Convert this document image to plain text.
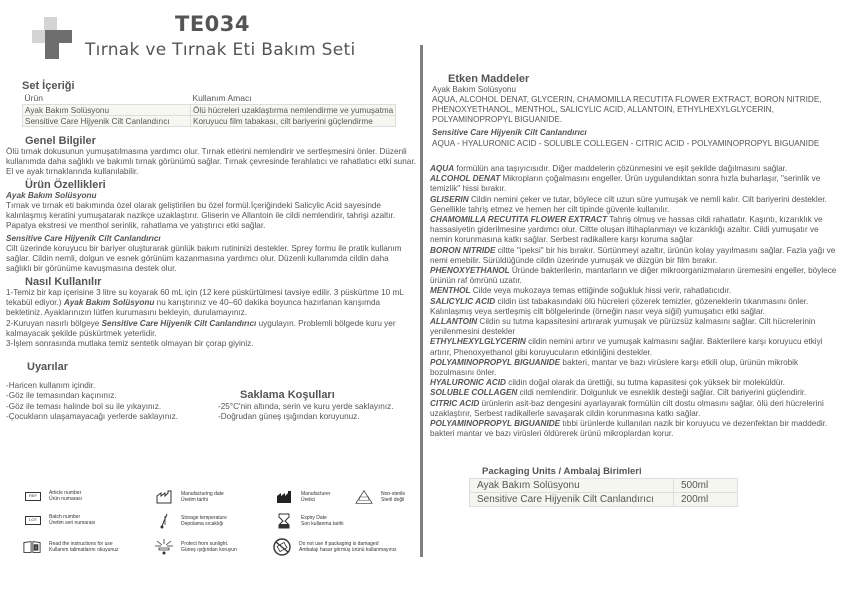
TE034
Tırnak ve Tırnak Eti Bakım Seti
Set İçeriği
Ürün	Kullanım Amacı
Ayak Bakım Solüsyonu	Ölü hücreleri uzaklaştırma nemlendirme ve yumuşatma
Sensitive Care Hijyenik Cilt Canlandırıcı	Koruyucu film tabakası, cilt bariyerini güçlendirme
Genel Bilgiler
Ölü tırnak dokusunun yumuşatılmasına yardımcı olur. Tırnak etlerini nemlendirir ve sertleşmesini önler. Düzenli kullanımda daha sağlıklı ve bakımlı tırnak görünümü sağlar. Tırnak çevresinde ferahlatıcı ve rahatlatıcı etki sunar. El ve ayak tırnaklarında kullanılabilir.
Ürün Özellikleri
Ayak Bakım Solüsyonu
Tırnak ve tırnak eti bakımında özel olarak geliştirilen bu özel formül.İçeriğindeki Salicylic Acid sayesinde kalınlaşmış keratini yumuşatarak nazikçe uzaklaştırır. Gliserin ve Allantoin ile cildi nemlendirir, tahrişi azaltır. Papatya ekstresi ve menthol serinlik, rahatlama ve yatıştırıcı etki sağlar.
Sensitive Care Hijyenik Cilt Canlandırıcı
Cilt üzerinde koruyucu bir bariyer oluşturarak günlük bakım rutininizi destekler. Sprey formu ile pratik kullanım sağlar. Cildin nemli, dolgun ve esnek görünüm kazanmasına yardımcı olur. Düzenli kullanımda cildin daha sağlıklı bir görünüme kavuşmasına destek olur.
Nasıl Kullanılır
1-Temiz bir kap içerisine 3 litre su koyarak 60 mL için (12 kere püskürtülmesi tavsiye edilir. 3 püskürtme 10 mL tekabül ediyor.) Ayak Bakım Solüsyonu nu karıştırınız ve 40–60 dakika boyunca hazırlanan karışımda bekletiniz. Ayaklarınızın lütfen kurumasını bekleyin, durulamayınız.
2-Kuruyan nasırlı bölgeye Sensitive Care Hijyenik Cilt Canlandırıcı uygulayın. Problemli bölgede kuru yer kalmayacak şekilde püskürtmek yeterlidir.
3-İşlem sonrasında mutlaka temiz sentetik olmayan bir çorap giyiniz.
Uyarılar
-Haricen kullanım içindir.
-Göz ile temasından kaçınınız.
-Göz ile teması halinde bol su ile yıkayınız.
-Çocukların ulaşamayacağı yerlerde saklayınız.
Saklama Koşulları
-25°C'nin altında, serin ve kuru yerde saklayınız.
-Doğrudan güneş ışığından koruyunuz.
REF	Article number
Ürün numarası
LOT	Batch number
Üretim seri numarası
i
Read the instructions for use
Kullanım talimatlarını okuyunuz
Manufacturing date
Üretim tarihi
Storage temperature
Depolama sıcaklığı
Protect from sunlight.
Güneş ışığından koruyun
Manufacturer
Üretici
Expiry Date
Son kullanma tarihi
Do not use if packaging is damaged
Ambalajı hasar görmüş ürünü kullanmayınız
Non-sterile
Steril değil
Etken Maddeler
Ayak Bakım Solüsyonu
AQUA, ALCOHOL DENAT, GLYCERIN, CHAMOMILLA RECUTITA FLOWER EXTRACT, BORON NITRIDE, PHENOXYETHANOL, MENTHOL, SALICYLIC ACID, ALLANTOIN, ETHYLHEXYLGLYCERIN, POLYAMINOPROPYL BIGUANIDE.
Sensitive Care Hijyenik Cilt Canlandırıcı
AQUA - HYALURONIC ACID - SOLUBLE COLLEGEN - CITRIC ACID - POLYAMINOPROPYL BIGUANIDE
AQUA formülün ana taşıyıcısıdır. Diğer maddelerin çözünmesini ve eşit şekilde dağılmasını sağlar.
ALCOHOL DENAT Mikropların çoğalmasını engeller. Ürün uygulandıktan sonra hızla buharlaşır, "serinlik ve temizlik" hissi bırakır.
GLISERIN Cildin nemini çeker ve tutar, böylece cilt uzun süre yumuşak ve nemli kalır. Cilt bariyerini destekler. Genellikle tahriş etmez ve hemen her cilt tipinde güvenle kullanılır.
CHAMOMILLA RECUTITA FLOWER EXTRACT Tahriş olmuş ve hassas cildi rahatlatır. Kaşıntı, kızarıklık ve hassasiyetin giderilmesine yardımcı olur. Ciltte oluşan iltihaplanmayı ve kızarıklığı azaltır. Cildi yumuşatır ve nemin korunmasına katkı sağlar. Serbest radikallere karşı koruma sağlar
BORON NITRIDE ciltte "ipeksi" bir his bırakır. Sürtünmeyi azaltır, ürünün kolay yayılmasını sağlar. Fazla yağı ve nemi emebilir. Sürüldüğünde cildin üzerinde yumuşak ve düzgün bir film bırakır.
PHENOXYETHANOL Üründe bakterilerin, mantarların ve diğer mikroorganizmaların üremesini engeller, böylece ürünün raf ömrünü uzatır.
MENTHOL Cilde veya mukozaya temas ettiğinde soğukluk hissi verir, rahatlatıcıdır.
SALICYLIC ACID cildin üst tabakasındaki ölü hücreleri çözerek temizler, gözeneklerin tıkanmasını önler. Kalınlaşmış veya sertleşmiş cilt bölgelerinde (örneğin nasır veya siğil) yumuşatıcı etki sağlar.
ALLANTOIN Cildin su tutma kapasitesini artırarak yumuşak ve pürüzsüz kalmasını sağlar. Cilt hücrelerinin yenilenmesini destekler
ETHYLHEXYLGLYCERIN cildin nemini artırır ve yumuşak kalmasını sağlar. Bakterilere karşı koruyucu etkiyi artırır, Phenoxyethanol gibi koruyucuların etkinliğini destekler.
POLYAMINOPROPYL BIGUANIDE bakteri, mantar ve bazı virüslere karşı etkili olup, ürünün mikrobik bozulmasını önler.
HYALURONIC ACID cildin doğal olarak da ürettiği, su tutma kapasitesi çok yüksek bir moleküldür.
SOLUBLE COLLAGEN cildi nemlendirir. Dolgunluk ve esneklik desteği sağlar. Cilt bariyerini güçlendirir.
CITRIC ACID ürünlerin asit-baz dengesini ayarlayarak formülün cilt dostu olmasını sağlar. ölü deri hücrelerini uzaklaştırır, Serbest radikallerle savaşarak cildin korunmasına katkı sağlar.
POLYAMINOPROPYL BIGUANIDE tıbbi ürünlerde kullanılan nazik bir koruyucu ve dezenfektan bir maddedir. bakteri mantar ve bazı virüsleri öldürerek ürünü mikroplardan korur.
Packaging Units / Ambalaj Birimleri
Ayak Bakım Solüsyonu	500ml
Sensitive Care Hijyenik Cilt Canlandırıcı	200ml
